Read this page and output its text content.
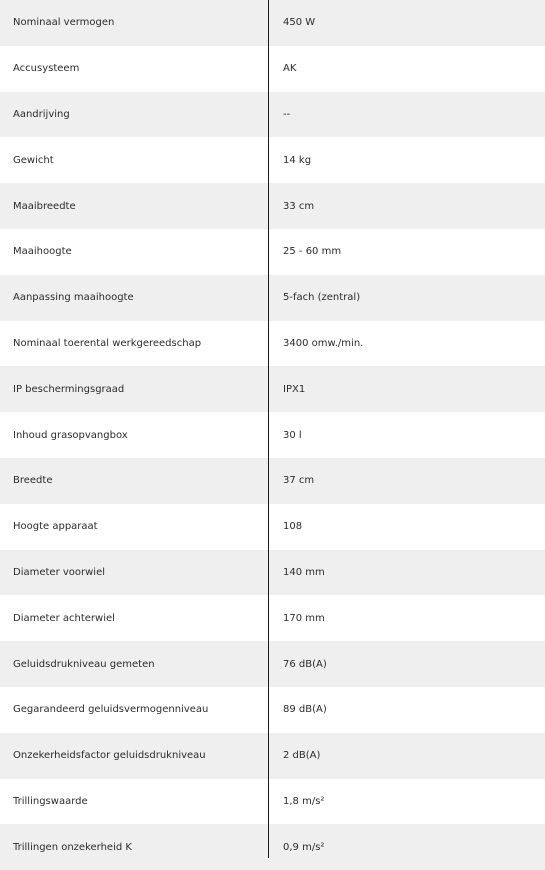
Nominaal vermogen	450 W
Accusysteem	AK
Aandrijving	--
Gewicht	14 kg
Maaibreedte	33 cm
Maaihoogte	25 - 60 mm
Aanpassing maaihoogte	5-fach (zentral)
Nominaal toerental werkgereedschap	3400 omw./min.
IP beschermingsgraad	IPX1
Inhoud grasopvangbox	30 l
Breedte	37 cm
Hoogte apparaat	108
Diameter voorwiel	140 mm
Diameter achterwiel	170 mm
Geluidsdrukniveau gemeten	76 dB(A)
Gegarandeerd geluidsvermogenniveau	89 dB(A)
Onzekerheidsfactor geluidsdrukniveau	2 dB(A)
Trillingswaarde	1,8 m/s²
Trillingen onzekerheid K	0,9 m/s²
